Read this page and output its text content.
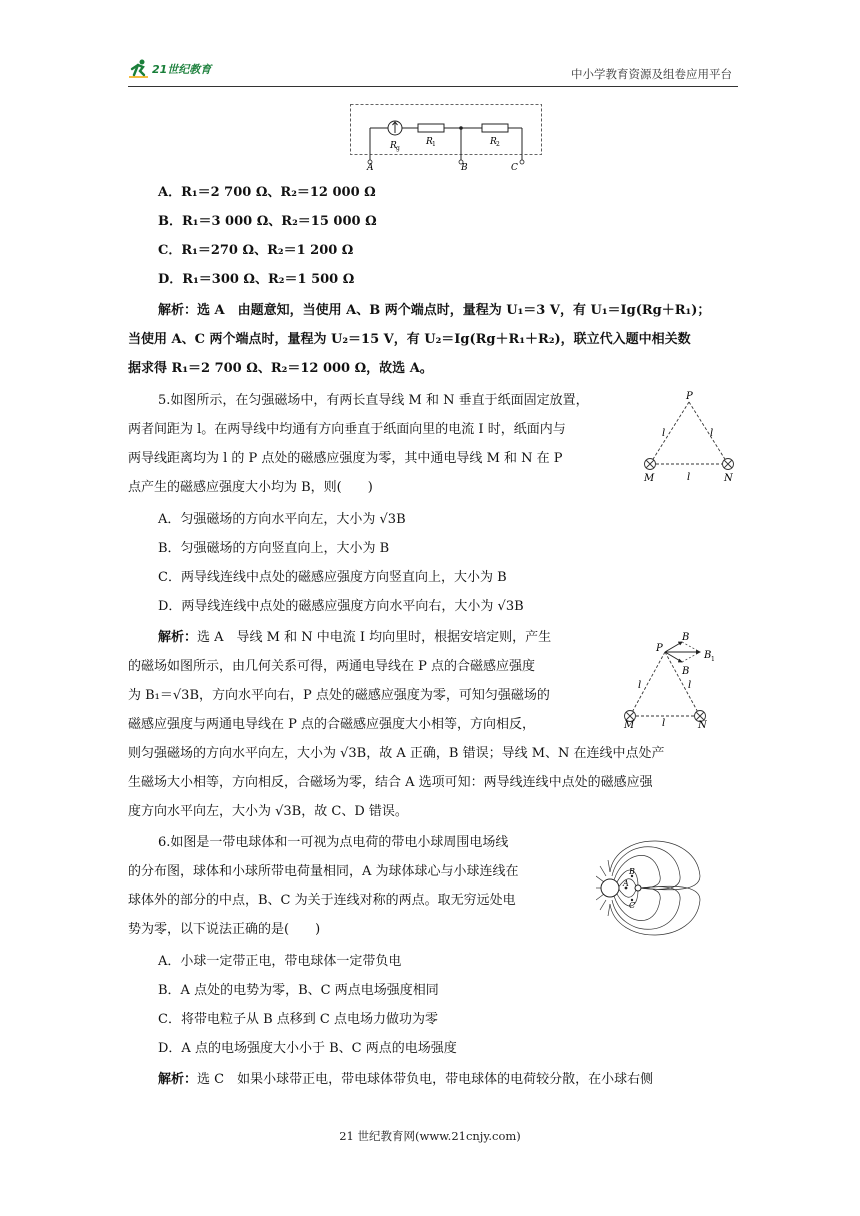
21世纪教育	中小学教育资源及组卷应用平台
R g
R 1	R 2
A	B	C
A．R₁＝2 700 Ω、R₂＝12 000 Ω
B．R₁＝3 000 Ω、R₂＝15 000 Ω
C．R₁＝270 Ω、R₂＝1 200 Ω
D．R₁＝300 Ω、R₂＝1 500 Ω
解析：选 A　由题意知，当使用 A、B 两个端点时，量程为 U₁＝3 V，有 U₁＝Ig(Rg＋R₁)；
当使用 A、C 两个端点时，量程为 U₂＝15 V，有 U₂＝Ig(Rg＋R₁＋R₂)，联立代入题中相关数
据求得 R₁＝2 700 Ω、R₂＝12 000 Ω，故选 A。
5.如图所示，在匀强磁场中，有两长直导线 M 和 N 垂直于纸面固定放置，
两者间距为 l。在两导线中均通有方向垂直于纸面向里的电流 I 时，纸面内与
两导线距离均为 l 的 P 点处的磁感应强度为零，其中通电导线 M 和 N 在 P
点产生的磁感应强度大小均为 B，则(　　)
P
M	N
l	l
l
A．匀强磁场的方向水平向左，大小为 √3B
B．匀强磁场的方向竖直向上，大小为 B
C．两导线连线中点处的磁感应强度方向竖直向上，大小为 B
D．两导线连线中点处的磁感应强度方向水平向右，大小为 √3B
解析：选 A　导线 M 和 N 中电流 I 均向里时，根据安培定则，产生
的磁场如图所示，由几何关系可得，两通电导线在 P 点的合磁感应强度
为 B₁＝√3B，方向水平向右，P 点处的磁感应强度为零，可知匀强磁场的
磁感应强度与两通电导线在 P 点的合磁感应强度大小相等，方向相反，
则匀强磁场的方向水平向左，大小为 √3B，故 A 正确，B 错误；导线 M、N 在连线中点处产
生磁场大小相等，方向相反，合磁场为零，结合 A 选项可知：两导线连线中点处的磁感应强
度方向水平向左，大小为 √3B，故 C、D 错误。
P
B
B
B 1
M	N
l	l
l
6.如图是一带电球体和一可视为点电荷的带电小球周围电场线
的分布图，球体和小球所带电荷量相同，A 为球体球心与小球连线在
球体外的部分的中点，B、C 为关于连线对称的两点。取无穷远处电
势为零，以下说法正确的是(　　)
A
B
C
A．小球一定带正电，带电球体一定带负电
B．A 点处的电势为零，B、C 两点电场强度相同
C．将带电粒子从 B 点移到 C 点电场力做功为零
D．A 点的电场强度大小小于 B、C 两点的电场强度
解析：选 C　如果小球带正电，带电球体带负电，带电球体的电荷较分散，在小球右侧
21 世纪教育网(www.21cnjy.com)
